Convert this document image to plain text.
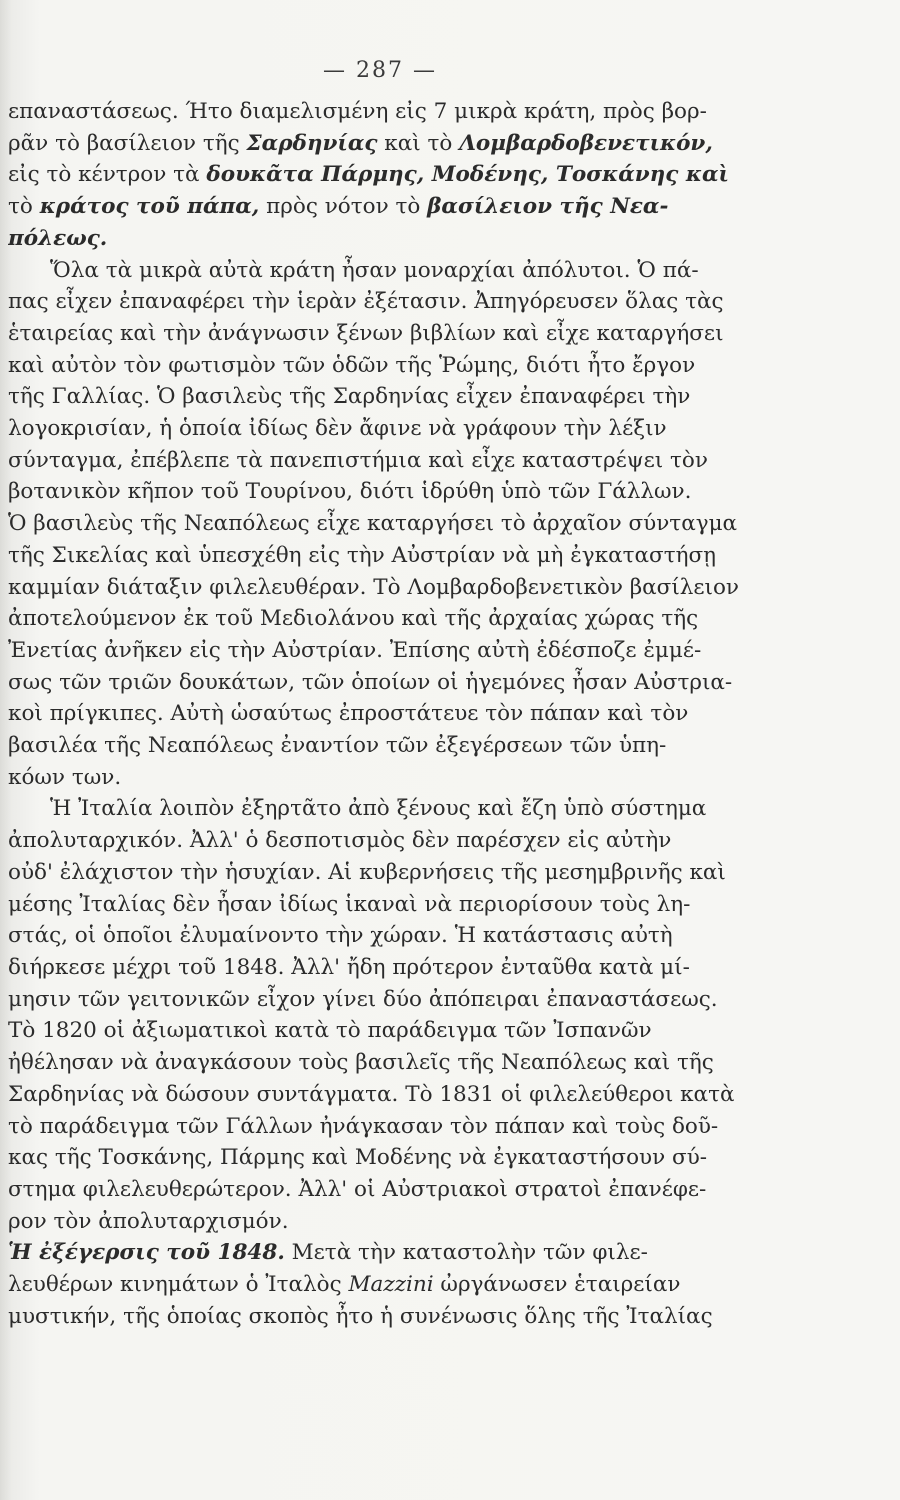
— 287 —
επαναστάσεως. Ήτο διαμελισμένη εἰς 7 μικρὰ κράτη, πρὸς βορ-
ρᾶν τὸ βασίλειον τῆς Σαρδηνίας καὶ τὸ Λομβαρδοβενετικόν,
εἰς τὸ κέντρον τὰ δουκᾶτα Πάρμης, Μοδένης, Τοσκάνης καὶ
τὸ κράτος τοῦ πάπα, πρὸς νότον τὸ βασίλειον τῆς Νεα-
πόλεως.
Ὅλα τὰ μικρὰ αὐτὰ κράτη ἦσαν μοναρχίαι ἀπόλυτοι. Ὁ πά-
πας εἶχεν ἐπαναφέρει τὴν ἱερὰν ἐξέτασιν. Ἀπηγόρευσεν ὅλας τὰς
ἑταιρείας καὶ τὴν ἀνάγνωσιν ξένων βιβλίων καὶ εἶχε καταργήσει
καὶ αὐτὸν τὸν φωτισμὸν τῶν ὁδῶν τῆς Ῥώμης, διότι ἦτο ἔργον
τῆς Γαλλίας. Ὁ βασιλεὺς τῆς Σαρδηνίας εἶχεν ἐπαναφέρει τὴν
λογοκρισίαν, ἡ ὁποία ἰδίως δὲν ἄφινε νὰ γράφουν τὴν λέξιν
σύνταγμα, ἐπέβλεπε τὰ πανεπιστήμια καὶ εἶχε καταστρέψει τὸν
βοτανικὸν κῆπον τοῦ Τουρίνου, διότι ἱδρύθη ὑπὸ τῶν Γάλλων.
Ὁ βασιλεὺς τῆς Νεαπόλεως εἶχε καταργήσει τὸ ἀρχαῖον σύνταγμα
τῆς Σικελίας καὶ ὑπεσχέθη εἰς τὴν Αὐστρίαν νὰ μὴ ἐγκαταστήσῃ
καμμίαν διάταξιν φιλελευθέραν. Τὸ Λομβαρδοβενετικὸν βασίλειον
ἀποτελούμενον ἐκ τοῦ Μεδιολάνου καὶ τῆς ἀρχαίας χώρας τῆς
Ἐνετίας ἀνῆκεν εἰς τὴν Αὐστρίαν. Ἐπίσης αὐτὴ ἐδέσποζε ἐμμέ-
σως τῶν τριῶν δουκάτων, τῶν ὁποίων οἱ ἡγεμόνες ἦσαν Αὐστρια-
κοὶ πρίγκιπες. Αὐτὴ ὡσαύτως ἐπροστάτευε τὸν πάπαν καὶ τὸν
βασιλέα τῆς Νεαπόλεως ἐναντίον τῶν ἐξεγέρσεων τῶν ὑπη-
κόων των.
Ἡ Ἰταλία λοιπὸν ἐξηρτᾶτο ἀπὸ ξένους καὶ ἔζη ὑπὸ σύστημα
ἀπολυταρχικόν. Ἀλλ' ὁ δεσποτισμὸς δὲν παρέσχεν εἰς αὐτὴν
οὐδ' ἐλάχιστον τὴν ἡσυχίαν. Αἱ κυβερνήσεις τῆς μεσημβρινῆς καὶ
μέσης Ἰταλίας δὲν ἦσαν ἰδίως ἱκαναὶ νὰ περιορίσουν τοὺς λη-
στάς, οἱ ὁποῖοι ἐλυμαίνοντο τὴν χώραν. Ἡ κατάστασις αὐτὴ
διήρκεσε μέχρι τοῦ 1848. Ἀλλ' ἤδη πρότερον ἐνταῦθα κατὰ μί-
μησιν τῶν γειτονικῶν εἶχον γίνει δύο ἀπόπειραι ἐπαναστάσεως.
Τὸ 1820 οἱ ἀξιωματικοὶ κατὰ τὸ παράδειγμα τῶν Ἰσπανῶν
ἠθέλησαν νὰ ἀναγκάσουν τοὺς βασιλεῖς τῆς Νεαπόλεως καὶ τῆς
Σαρδηνίας νὰ δώσουν συντάγματα. Τὸ 1831 οἱ φιλελεύθεροι κατὰ
τὸ παράδειγμα τῶν Γάλλων ἠνάγκασαν τὸν πάπαν καὶ τοὺς δοῦ-
κας τῆς Τοσκάνης, Πάρμης καὶ Μοδένης νὰ ἐγκαταστήσουν σύ-
στημα φιλελευθερώτερον. Ἀλλ' οἱ Αὐστριακοὶ στρατοὶ ἐπανέφε-
ρον τὸν ἀπολυταρχισμόν.
Ἡ ἐξέγερσις τοῦ 1848. Μετὰ τὴν καταστολὴν τῶν φιλε-
λευθέρων κινημάτων ὁ Ἰταλὸς Mazzini ὠργάνωσεν ἑταιρείαν
μυστικήν, τῆς ὁποίας σκοπὸς ἦτο ἡ συνένωσις ὅλης τῆς Ἰταλίας
